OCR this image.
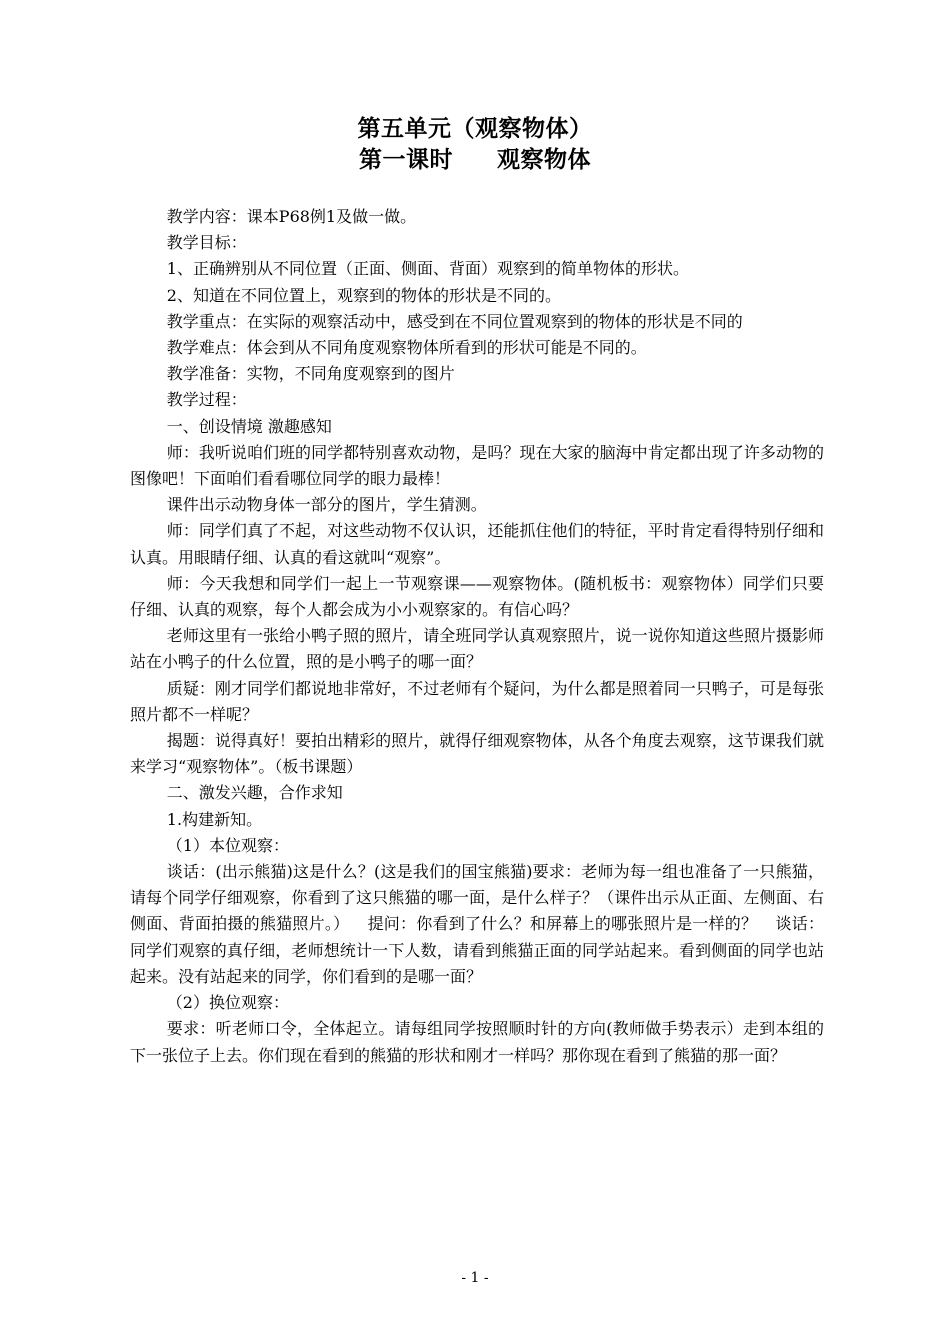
第五单元（观察物体）
第一课时 观察物体

教学内容：课本P68例1及做一做。

教学目标：

1、正确辨别从不同位置（正面、侧面、背面）观察到的简单物体的形状。

2、知道在不同位置上，观察到的物体的形状是不同的。

教学重点：在实际的观察活动中，感受到在不同位置观察到的物体的形状是不同的

教学难点：体会到从不同角度观察物体所看到的形状可能是不同的。

教学准备：实物，不同角度观察到的图片

教学过程：

一、创设情境 激趣感知

师：我听说咱们班的同学都特别喜欢动物，是吗？现在大家的脑海中肯定都出现了许多动物的图像吧！下面咱们看看哪位同学的眼力最棒！

课件出示动物身体一部分的图片，学生猜测。

师：同学们真了不起，对这些动物不仅认识，还能抓住他们的特征，平时肯定看得特别仔细和认真。用眼睛仔细、认真的看这就叫“观察”。

师：今天我想和同学们一起上一节观察课——观察物体。(随机板书：观察物体）同学们只要仔细、认真的观察，每个人都会成为小小观察家的。有信心吗？

老师这里有一张给小鸭子照的照片，请全班同学认真观察照片，说一说你知道这些照片摄影师站在小鸭子的什么位置，照的是小鸭子的哪一面？

质疑：刚才同学们都说地非常好，不过老师有个疑问，为什么都是照着同一只鸭子，可是每张照片都不一样呢？

揭题：说得真好！要拍出精彩的照片，就得仔细观察物体，从各个角度去观察，这节课我们就来学习“观察物体”。（板书课题）

二、激发兴趣，合作求知

1.构建新知。

（1）本位观察：

谈话：(出示熊猫)这是什么？(这是我们的国宝熊猫)要求：老师为每一组也准备了一只熊猫，请每个同学仔细观察，你看到了这只熊猫的哪一面，是什么样子？（课件出示从正面、左侧面、右侧面、背面拍摄的熊猫照片。） 提问：你看到了什么？和屏幕上的哪张照片是一样的？ 谈话：同学们观察的真仔细，老师想统计一下人数，请看到熊猫正面的同学站起来。看到侧面的同学也站起来。没有站起来的同学，你们看到的是哪一面？

（2）换位观察：

要求：听老师口令，全体起立。请每组同学按照顺时针的方向(教师做手势表示）走到本组的下一张位子上去。你们现在看到的熊猫的形状和刚才一样吗？那你现在看到了熊猫的那一面？

- 1 -
